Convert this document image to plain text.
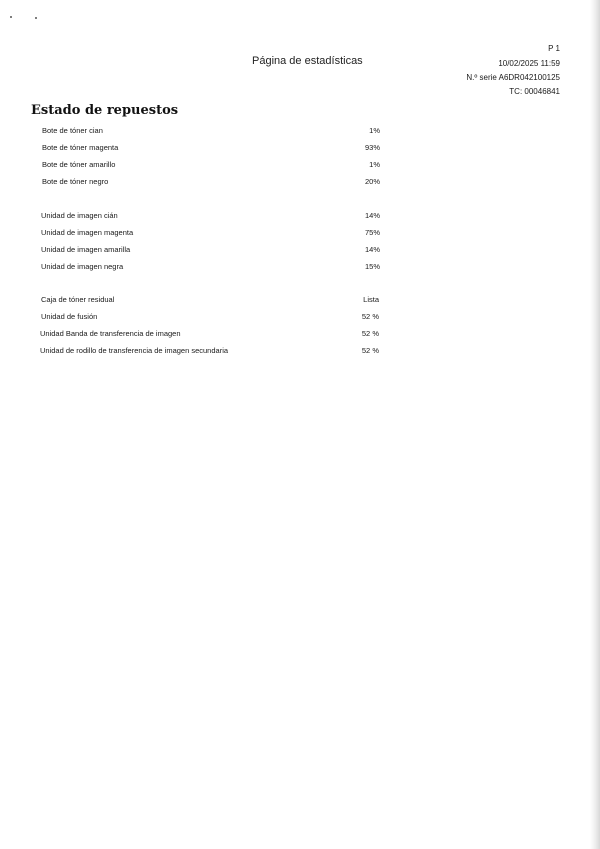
P 1
Página de estadísticas	10/02/2025 11:59
N.º serie A6DR042100125
TC: 00046841
Estado de repuestos
Bote de tóner cian	1%
Bote de tóner magenta	93%
Bote de tóner amarillo	1%
Bote de tóner negro	20%
Unidad de imagen cián	14%
Unidad de imagen magenta	75%
Unidad de imagen amarilla	14%
Unidad de imagen negra	15%
Caja de tóner residual	Lista
Unidad de fusión	52 %
Unidad Banda de transferencia de imagen	52 %
Unidad de rodillo de transferencia de imagen secundaria	52 %
